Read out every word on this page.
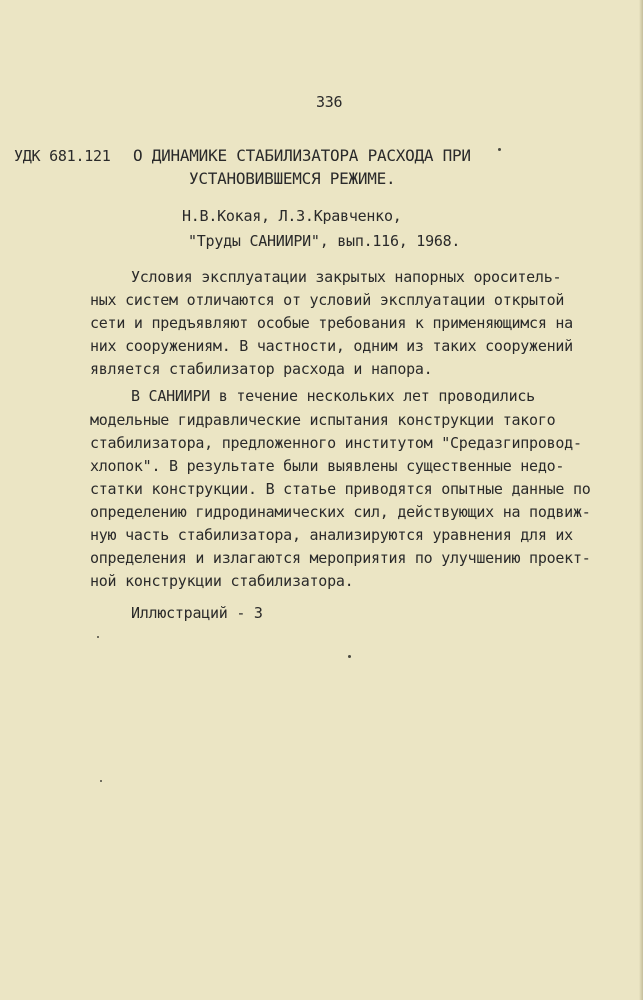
336
УДК 681.121 О ДИНАМИКЕ СТАБИЛИЗАТОРА РАСХОДА ПРИ
УСТАНОВИВШЕМСЯ РЕЖИМЕ.
Н.В.Кокая, Л.З.Кравченко,
"Труды САНИИРИ", вып.116, 1968.
Условия эксплуатации закрытых напорных ороситель-
ных систем отличаются от условий эксплуатации открытой
сети и предъявляют особые требования к применяющимся на
них сооружениям. В частности, одним из таких сооружений
является стабилизатор расхода и напора.
В САНИИРИ в течение нескольких лет проводились
модельные гидравлические испытания конструкции такого
стабилизатора, предложенного институтом "Средазгипровод-
хлопок". В результате были выявлены существенные недо-
статки конструкции. В статье приводятся опытные данные по
определению гидродинамических сил, действующих на подвиж-
ную часть стабилизатора, анализируются уравнения для их
определения и излагаются мероприятия по улучшению проект-
ной конструкции стабилизатора.
Иллюстраций - 3
